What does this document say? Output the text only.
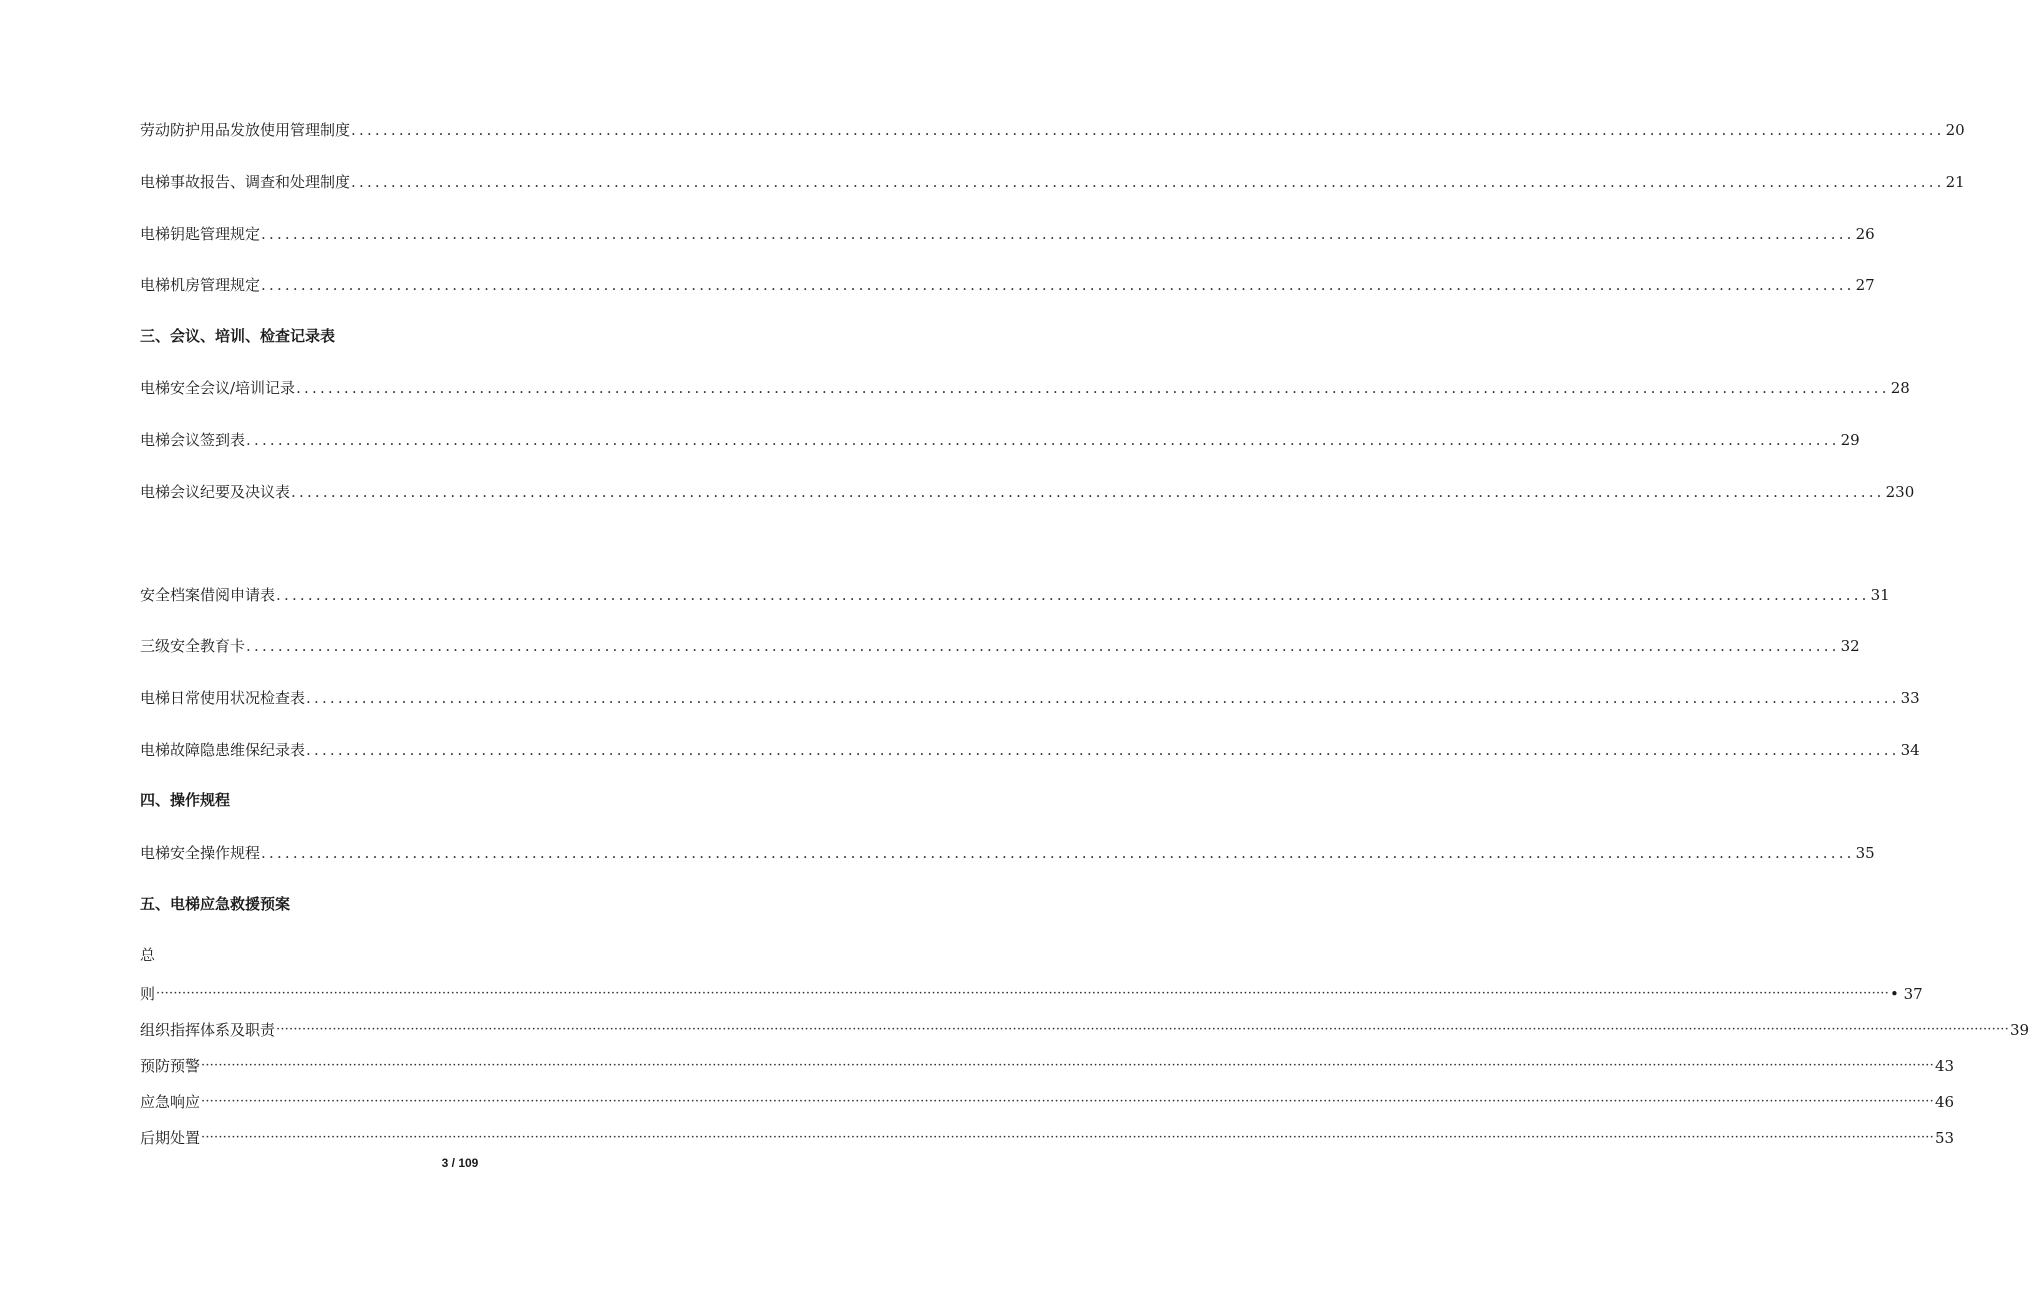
劳动防护用品发放使用管理制度 ........................................................................................................................................................................................................ 20
电梯事故报告、调查和处理制度 ........................................................................................................................................................................................................ 21
电梯钥匙管理规定 ........................................................................................................................................................................................................ 26
电梯机房管理规定 ........................................................................................................................................................................................................ 27
三、会议、培训、检查记录表
电梯安全会议/培训记录 ........................................................................................................................................................................................................ 28
电梯会议签到表 ........................................................................................................................................................................................................ 29
电梯会议纪要及决议表 ........................................................................................................................................................................................................ 230
安全档案借阅申请表 ........................................................................................................................................................................................................ 31
三级安全教育卡 ........................................................................................................................................................................................................ 32
电梯日常使用状况检查表 ........................................................................................................................................................................................................ 33
电梯故障隐患维保纪录表 ........................................................................................................................................................................................................ 34
四、操作规程
电梯安全操作规程 ........................................................................................................................................................................................................ 35
五、电梯应急救援预案
总
则 ················································································································································································································································································································································································································ • 37
组织指挥体系及职责 ················································································································································································································································································································································································································ 39
预防预警 ················································································································································································································································································································································································································ 43
应急响应 ················································································································································································································································································································································································································ 46
后期处置 ················································································································································································································································································································································································································ 53
3 / 109
